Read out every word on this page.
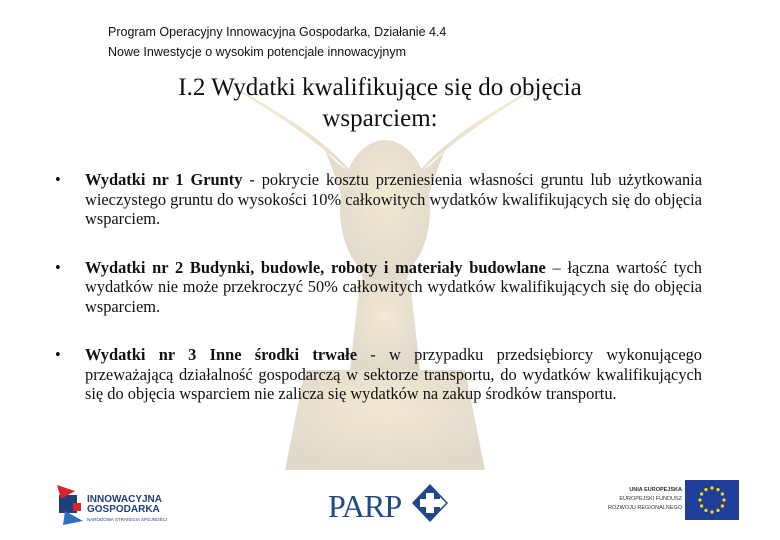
Program Operacyjny Innowacyjna Gospodarka, Działanie 4.4
Nowe Inwestycje o wysokim potencjale innowacyjnym
I.2 Wydatki kwalifikujące się do objęcia
wsparciem:
• Wydatki nr 1 Grunty - pokrycie kosztu przeniesienia własności gruntu lub użytkowania wieczystego gruntu do wysokości 10% całkowitych wydatków kwalifikujących się do objęcia wsparciem.
• Wydatki nr 2 Budynki, budowle, roboty i materiały budowlane – łączna wartość tych wydatków nie może przekroczyć 50% całkowitych wydatków kwalifikujących się do objęcia wsparciem.
• Wydatki nr 3 Inne środki trwałe - w przypadku przedsiębiorcy wykonującego przeważającą działalność gospodarczą w sektorze transportu, do wydatków kwalifikujących się do objęcia wsparciem nie zalicza się wydatków na zakup środków transportu.
INNOWACYJNA
GOSPODARKA
NARODOWA STRATEGIA SPÓJNOŚCI	PARP	UNIA EUROPEJSKA
EUROPEJSKI FUNDUSZ
ROZWOJU REGIONALNEGO
